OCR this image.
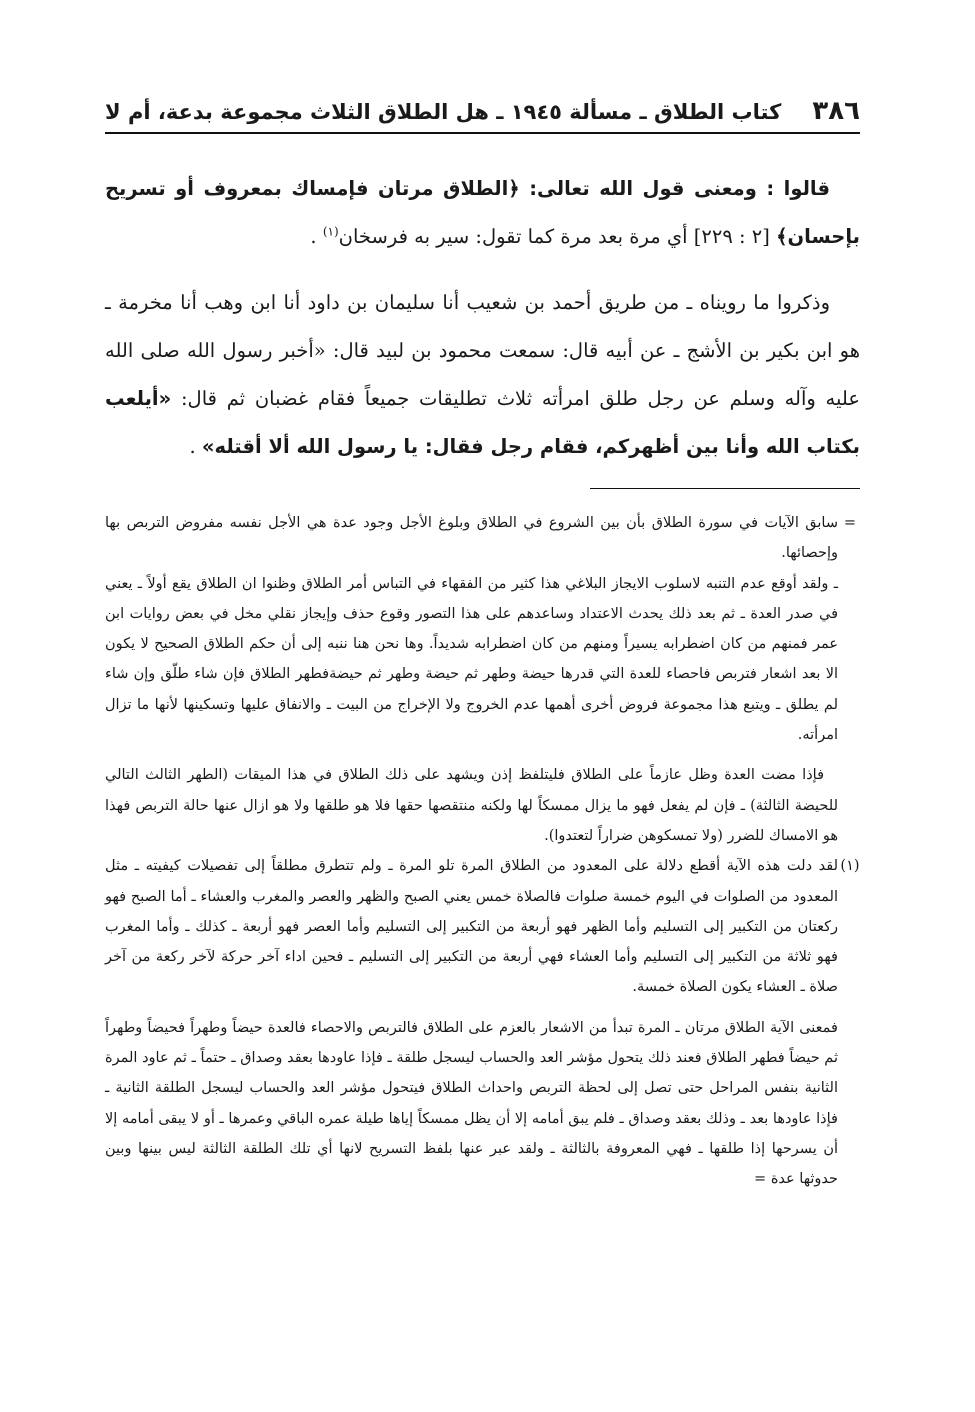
٣٨٦
كتاب الطلاق ـ مسألة ١٩٤٥ ـ هل الطلاق الثلاث مجموعة بدعة، أم لا

قالوا : ومعنى قول الله تعالى: ﴿الطلاق مرتان فإمساك بمعروف أو تسريح بإحسان﴾ [٢ : ٢٢٩] أي مرة بعد مرة كما تقول: سير به فرسخان$^{(١)}$ .

وذكروا ما رويناه ـ من طريق أحمد بن شعيب أنا سليمان بن داود أنا ابن وهب أنا مخرمة ـ هو ابن بكير بن الأشج ـ عن أبيه قال: سمعت محمود بن لبيد قال: «أخبر رسول الله صلى الله عليه وآله وسلم عن رجل طلق امرأته ثلاث تطليقات جميعاً فقام غضبان ثم قال: «أيلعب بكتاب الله وأنا بين أظهركم، فقام رجل فقال: يا رسول الله ألا أقتله» .

=

سابق الآيات في سورة الطلاق بأن بين الشروع في الطلاق وبلوغ الأجل وجود عدة هي الأجل نفسه مفروض التربص بها وإحصائها.

ـ ولقد أوقع عدم التنبه لاسلوب الايجاز البلاغي هذا كثير من الفقهاء في التباس أمر الطلاق وظنوا ان الطلاق يقع أولاً ـ يعني في صدر العدة ـ ثم بعد ذلك يحدث الاعتداد وساعدهم على هذا التصور وقوع حذف وإيجاز نقلي مخل في بعض روايات ابن عمر فمنهم من كان اضطرابه يسيراً ومنهم من كان اضطرابه شديداً. وها نحن هنا ننبه إلى أن حكم الطلاق الصحيح لا يكون الا بعد اشعار فتربص فاحصاء للعدة التي قدرها حيضة وطهر ثم حيضة وطهر ثم حيضةفطهر الطلاق فإن شاء طلّق وإن شاء لم يطلق ـ ويتبع هذا مجموعة فروض أخرى أهمها عدم الخروج ولا الإخراج من البيت ـ والانفاق عليها وتسكينها لأنها ما تزال امرأته.

فإذا مضت العدة وظل عازماً على الطلاق فليتلفظ إذن ويشهد على ذلك الطلاق في هذا الميقات (الطهر الثالث التالي للحيضة الثالثة) ـ فإن لم يفعل فهو ما يزال ممسكاً لها ولكنه منتقصها حقها فلا هو طلقها ولا هو ازال عنها حالة التربص فهذا هو الامساك للضرر (ولا تمسكوهن ضراراً لتعتدوا).

(١)

لقد دلت هذه الآية أقطع دلالة على المعدود من الطلاق المرة تلو المرة ـ ولم تتطرق مطلقاً إلى تفصيلات كيفيته ـ مثل المعدود من الصلوات في اليوم خمسة صلوات فالصلاة خمس يعني الصبح والظهر والعصر والمغرب والعشاء ـ أما الصبح فهو ركعتان من التكبير إلى التسليم وأما الظهر فهو أربعة من التكبير إلى التسليم وأما العصر فهو أربعة ـ كذلك ـ وأما المغرب فهو ثلاثة من التكبير إلى التسليم وأما العشاء فهي أربعة من التكبير إلى التسليم ـ فحين اداء آخر حركة لآخر ركعة من آخر صلاة ـ العشاء يكون الصلاة خمسة.

فمعنى الآية الطلاق مرتان ـ المرة تبدأ من الاشعار بالعزم على الطلاق فالتربص والاحصاء فالعدة حيضاً وطهراً فحيضاً وطهراً ثم حيضاً فطهر الطلاق فعند ذلك يتحول مؤشر العد والحساب ليسجل طلقة ـ فإذا عاودها بعقد وصداق ـ حتماً ـ ثم عاود المرة الثانية بنفس المراحل حتى تصل إلى لحظة التربص واحداث الطلاق فيتحول مؤشر العد والحساب ليسجل الطلقة الثانية ـ فإذا عاودها بعد ـ وذلك بعقد وصداق ـ فلم يبق أمامه إلا أن يظل ممسكاً إياها طيلة عمره الباقي وعمرها ـ أو لا يبقى أمامه إلا أن يسرحها إذا طلقها ـ فهي المعروفة بالثالثة ـ ولقد عبر عنها بلفظ التسريح لانها أي تلك الطلقة الثالثة ليس بينها وبين حدوثها عدة =
